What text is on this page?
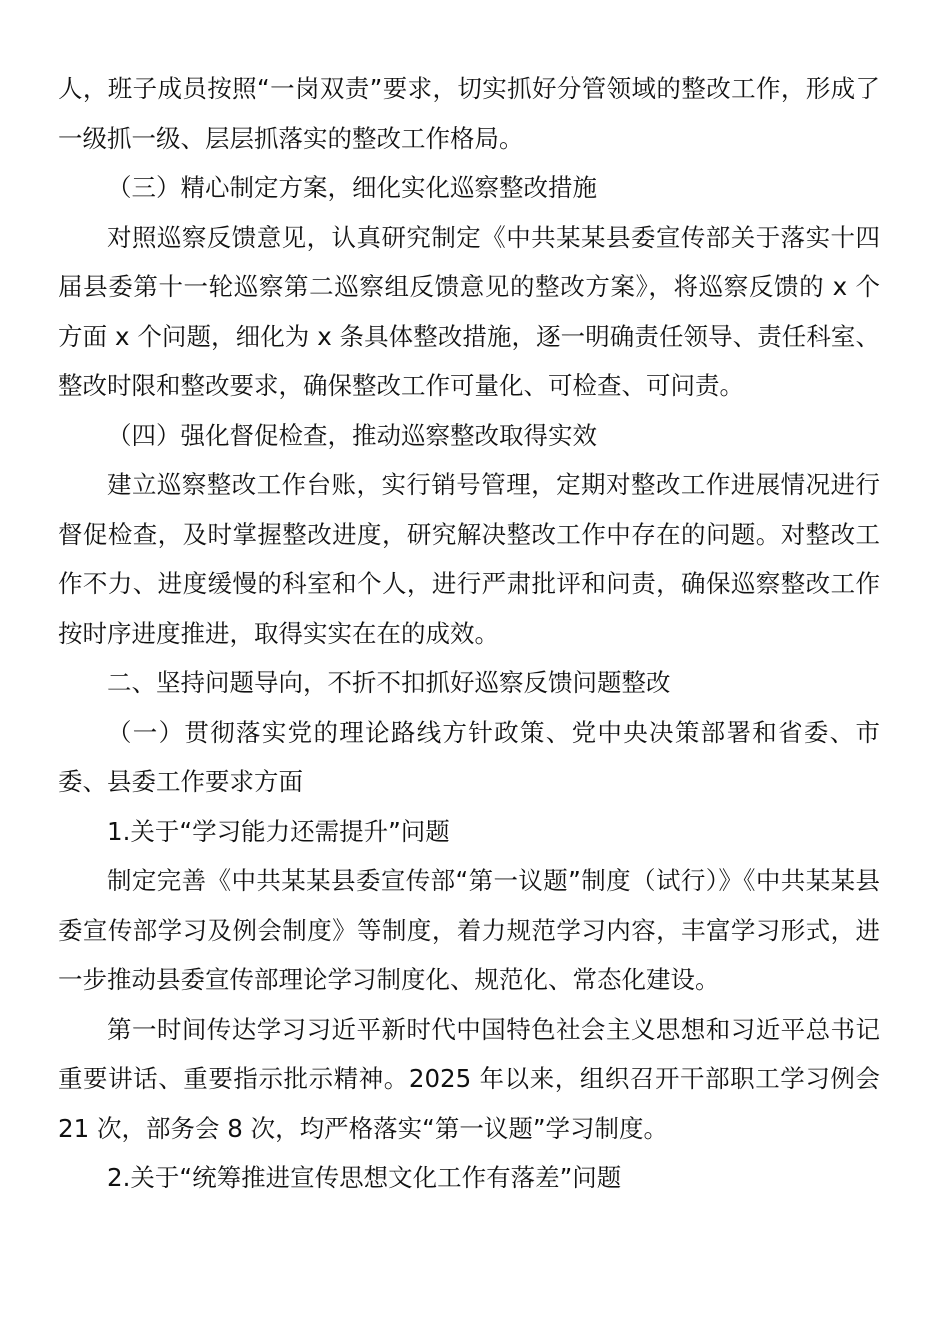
人，班子成员按照“一岗双责”要求，切实抓好分管领域的整改工作，形成了一级抓一级、层层抓落实的整改工作格局。

（三）精心制定方案，细化实化巡察整改措施

对照巡察反馈意见，认真研究制定《中共某某县委宣传部关于落实十四届县委第十一轮巡察第二巡察组反馈意见的整改方案》，将巡察反馈的 x 个方面 x 个问题，细化为 x 条具体整改措施，逐一明确责任领导、责任科室、整改时限和整改要求，确保整改工作可量化、可检查、可问责。

（四）强化督促检查，推动巡察整改取得实效

建立巡察整改工作台账，实行销号管理，定期对整改工作进展情况进行督促检查，及时掌握整改进度，研究解决整改工作中存在的问题。对整改工作不力、进度缓慢的科室和个人，进行严肃批评和问责，确保巡察整改工作按时序进度推进，取得实实在在的成效。

二、坚持问题导向，不折不扣抓好巡察反馈问题整改

（一）贯彻落实党的理论路线方针政策、党中央决策部署和省委、市委、县委工作要求方面

1.关于“学习能力还需提升”问题

制定完善《中共某某县委宣传部“第一议题”制度（试行）》《中共某某县委宣传部学习及例会制度》等制度，着力规范学习内容，丰富学习形式，进一步推动县委宣传部理论学习制度化、规范化、常态化建设。

第一时间传达学习习近平新时代中国特色社会主义思想和习近平总书记重要讲话、重要指示批示精神。2025 年以来，组织召开干部职工学习例会 21 次，部务会 8 次，均严格落实“第一议题”学习制度。

2.关于“统筹推进宣传思想文化工作有落差”问题
